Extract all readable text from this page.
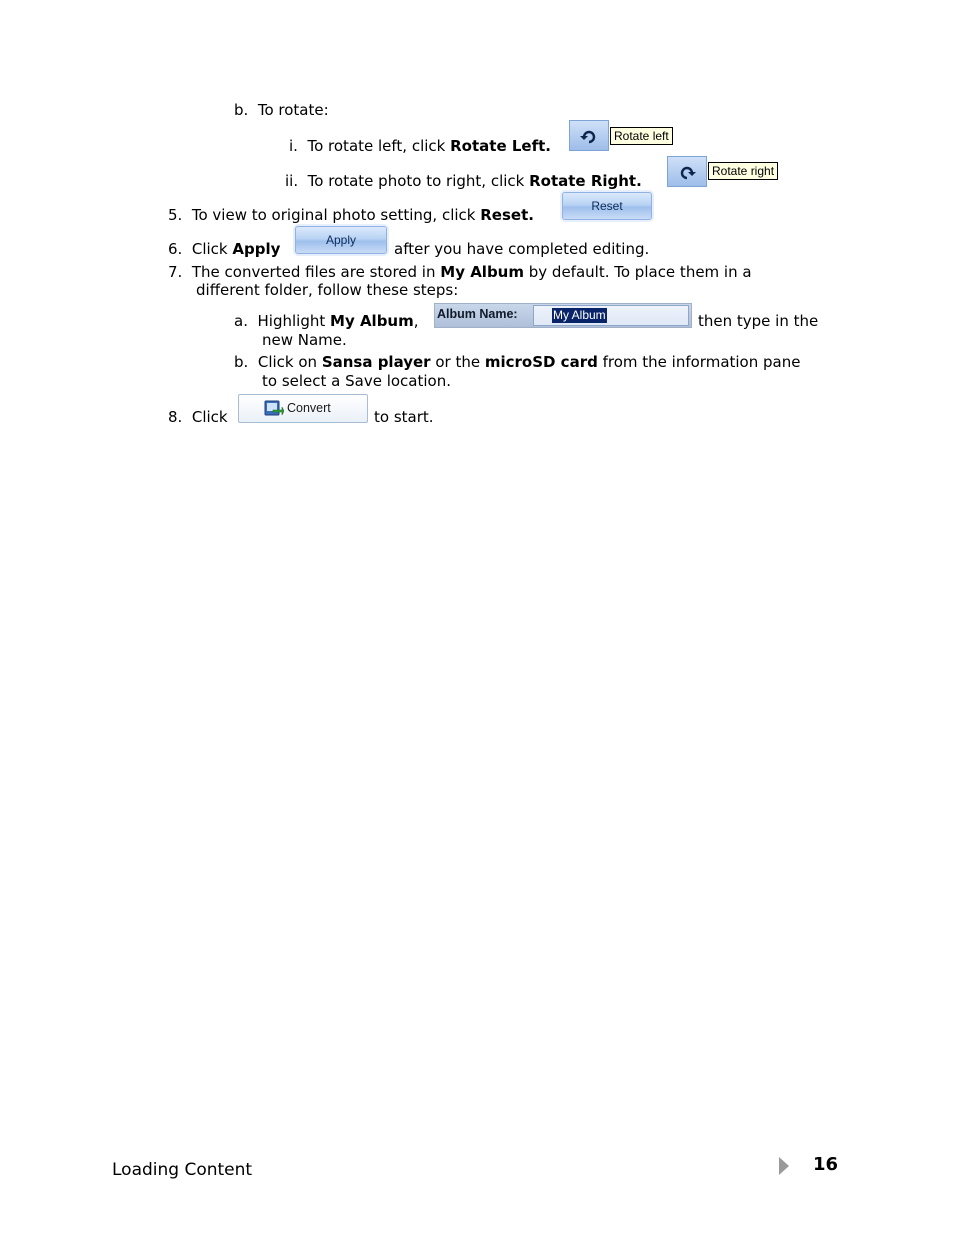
b. To rotate:
i. To rotate left, click Rotate Left.
Rotate left
ii. To rotate photo to right, click Rotate Right.
Rotate right
5. To view to original photo setting, click Reset.	Reset
6. Click Apply	Apply	after you have completed editing.
7. The converted files are stored in My Album by default. To place them in a
different folder, follow these steps:
a. Highlight My Album, Album Name:	My Album	then type in the
new Name.
b. Click on Sansa player or the microSD card from the information pane
to select a Save location.
8. Click	Convert	to start.
Loading Content	16
